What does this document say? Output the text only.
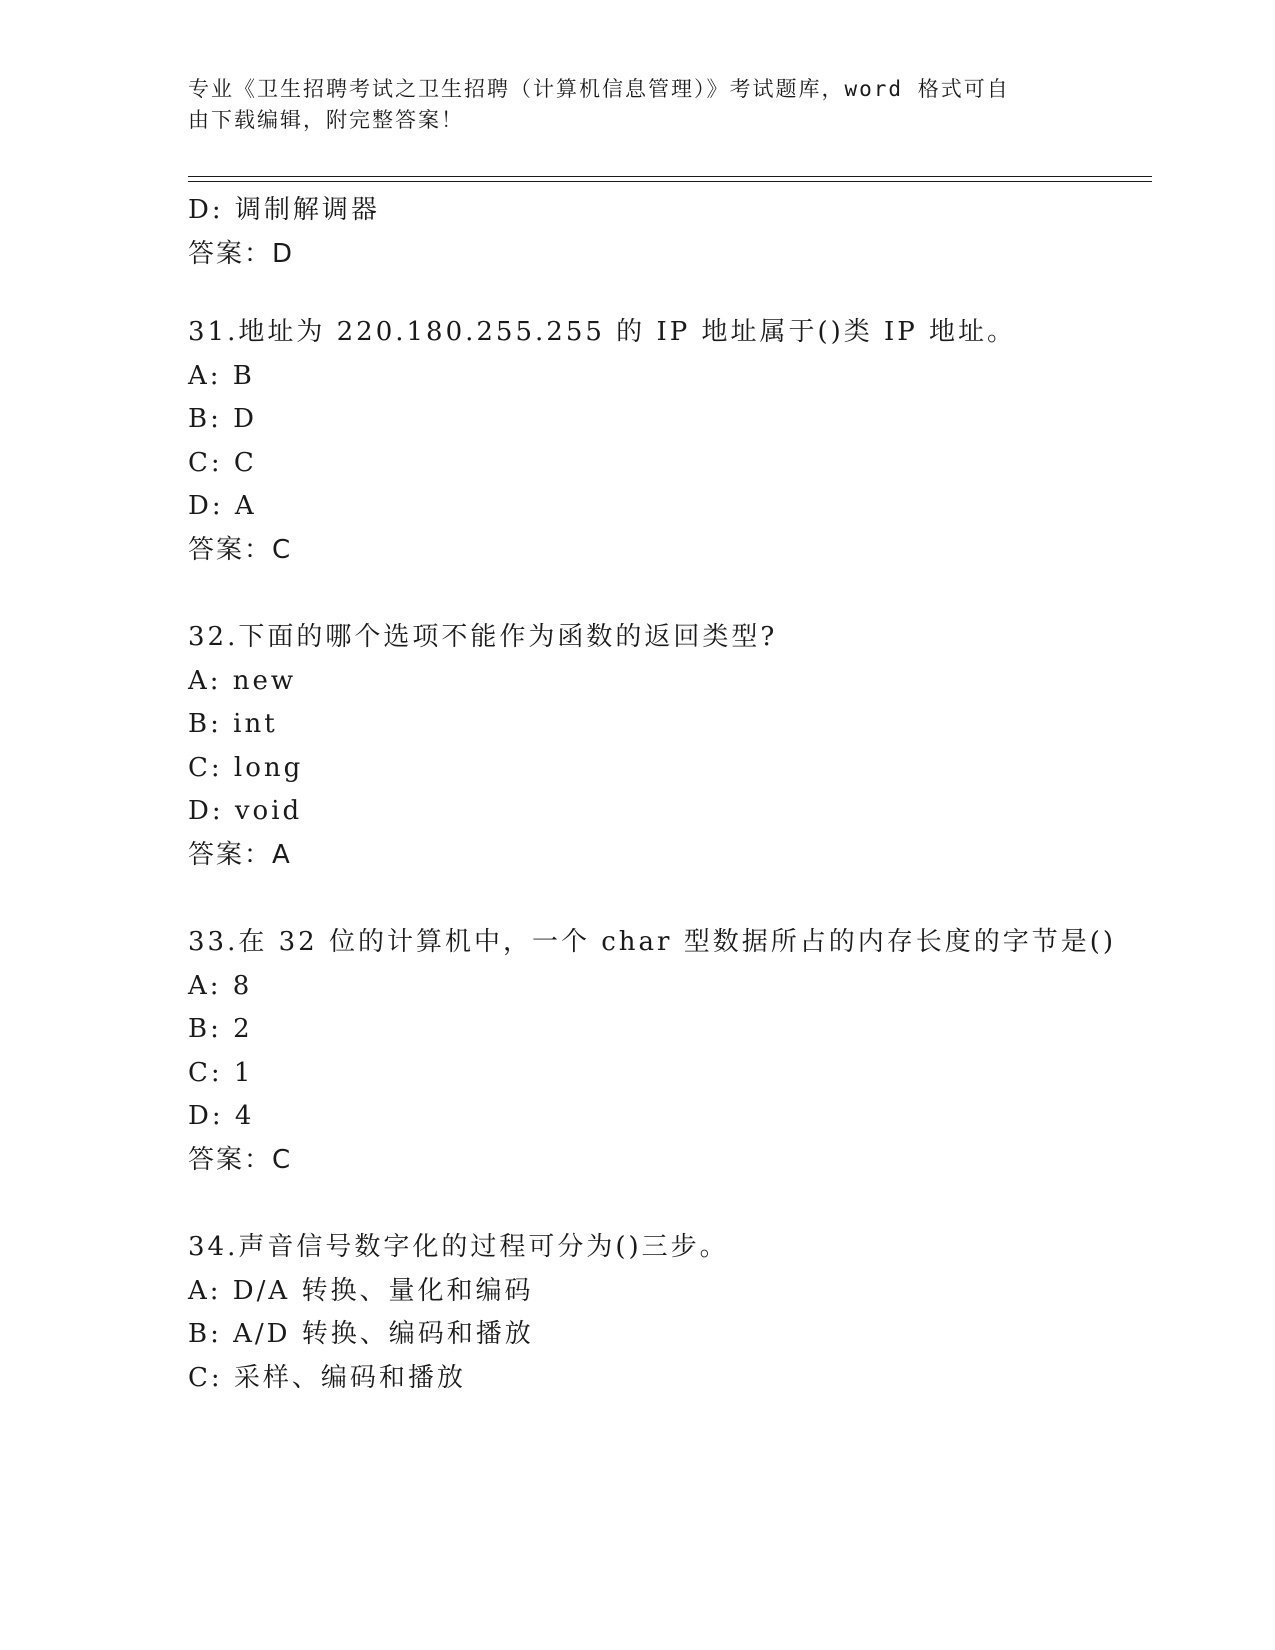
专业《卫生招聘考试之卫生招聘（计算机信息管理）》考试题库，word 格式可自
由下载编辑，附完整答案！
D: 调制解调器
答案：D
31.地址为 220.180.255.255 的 IP 地址属于()类 IP 地址。
A: B
B: D
C: C
D: A
答案：C
32.下面的哪个选项不能作为函数的返回类型?
A: new
B: int
C: long
D: void
答案：A
33.在 32 位的计算机中，一个 char 型数据所占的内存长度的字节是()
A: 8
B: 2
C: 1
D: 4
答案：C
34.声音信号数字化的过程可分为()三步。
A: D/A 转换、量化和编码
B: A/D 转换、编码和播放
C: 采样、编码和播放
